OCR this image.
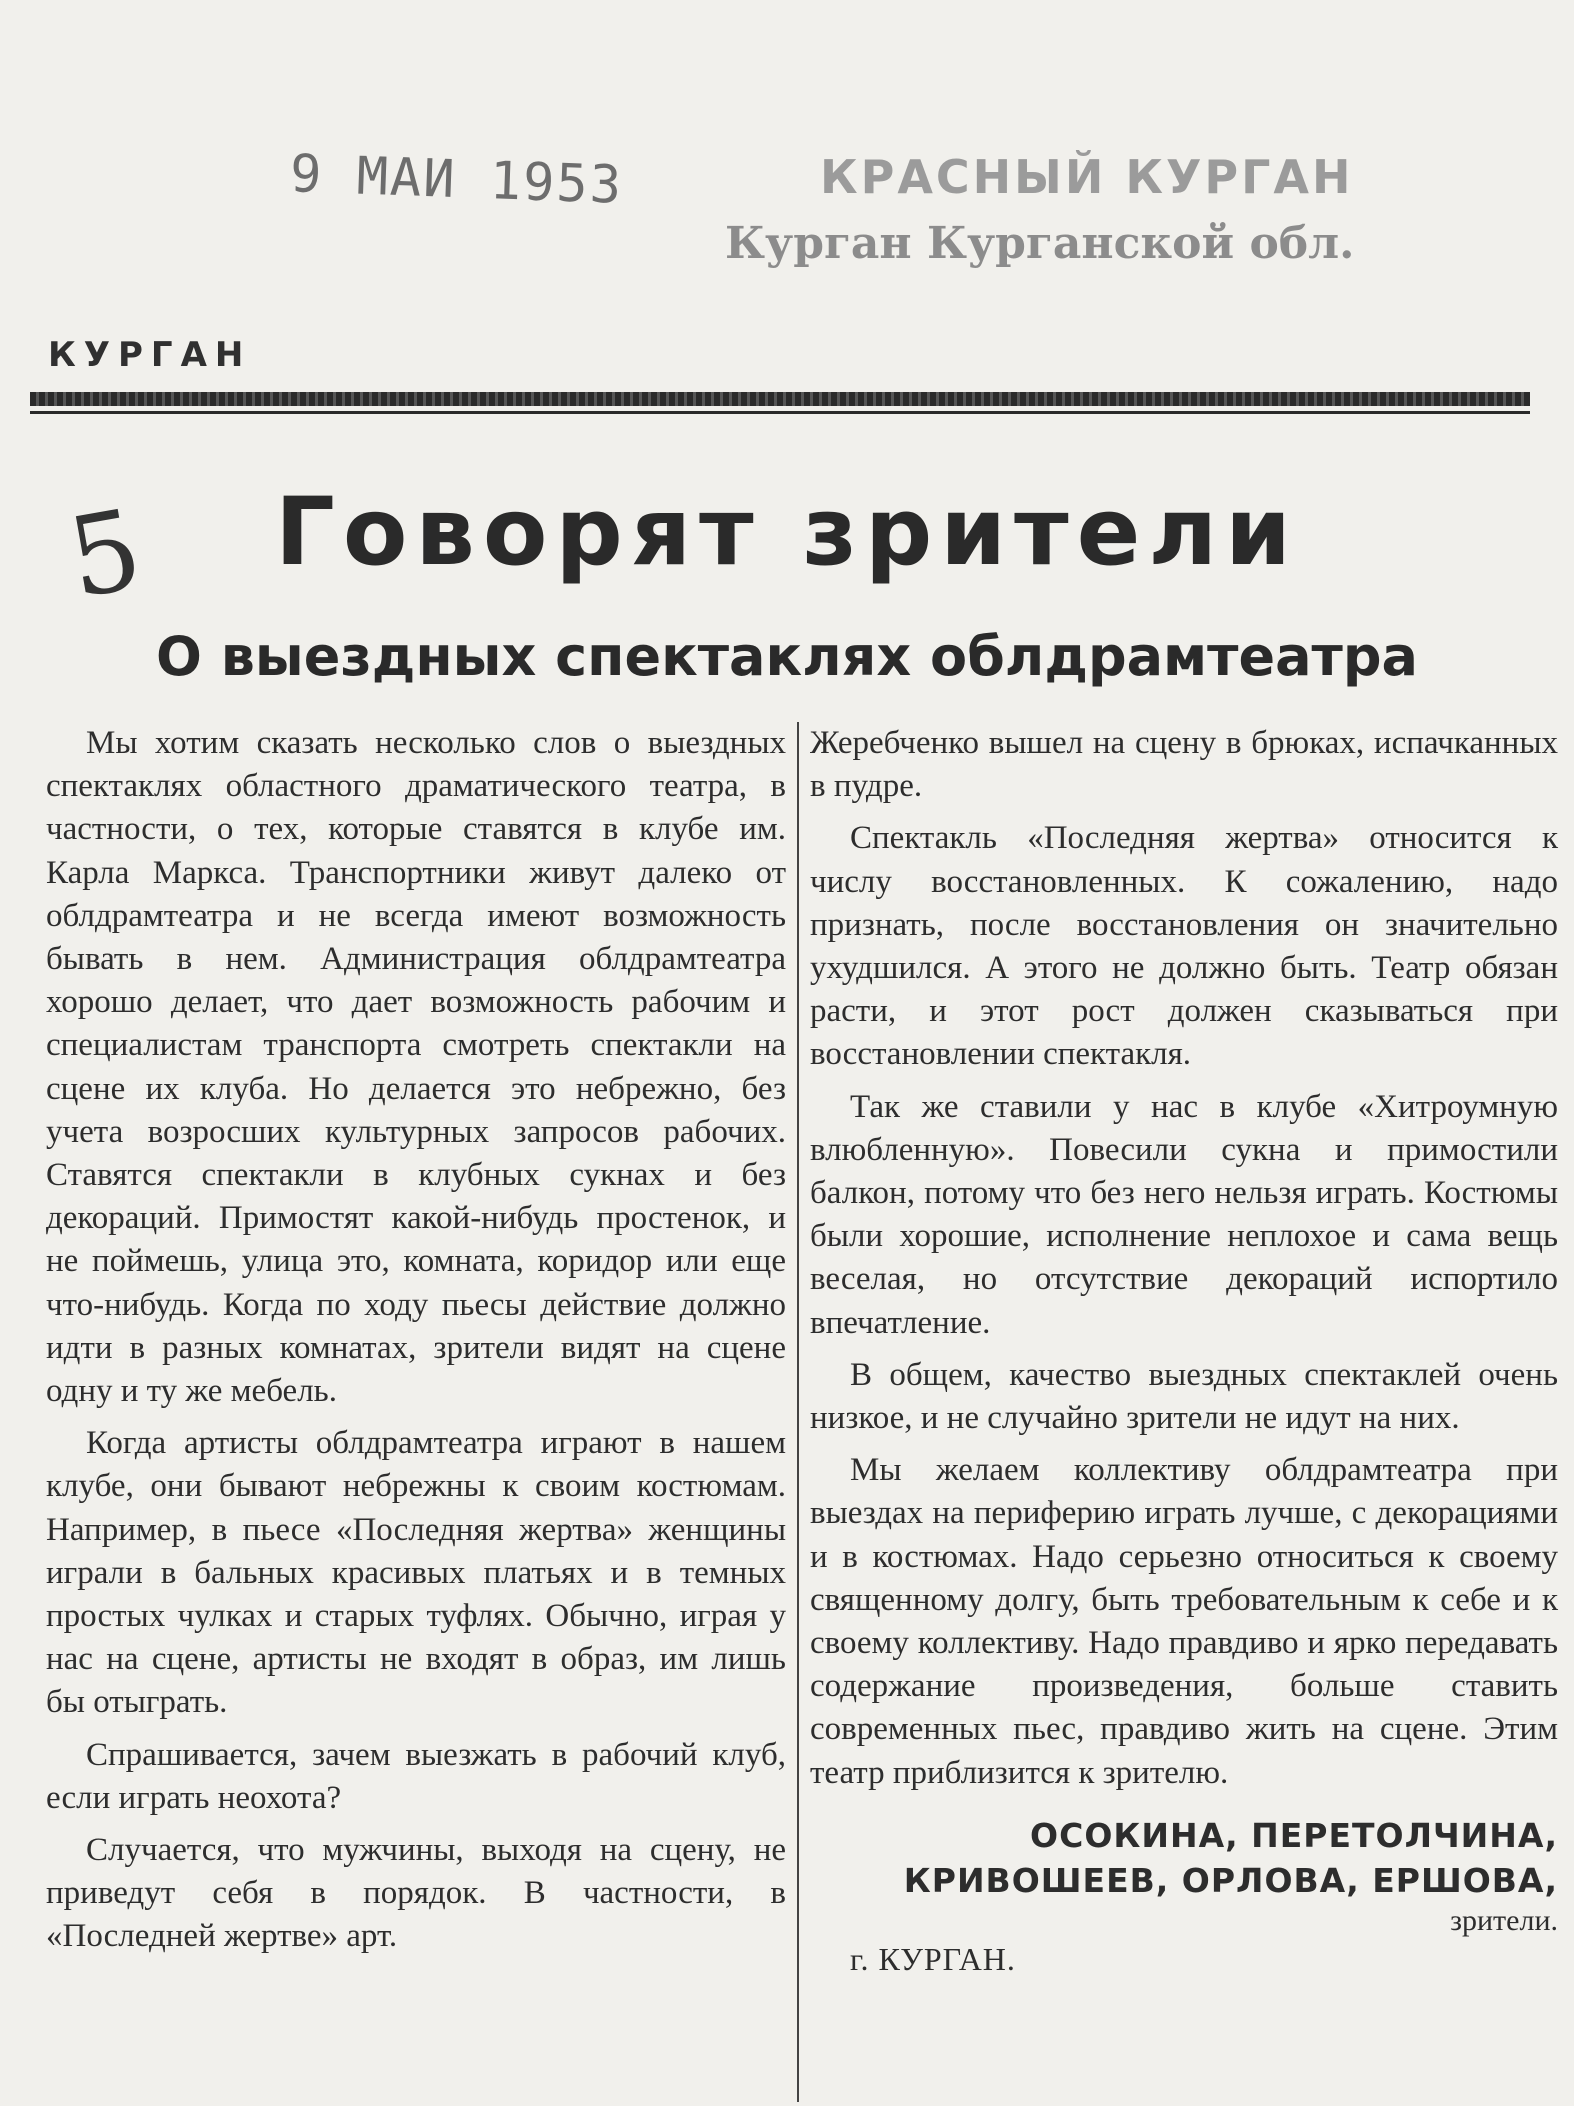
9 МАИ 1953	КРАСНЫЙ КУРГАН
Курган Курганской обл.
КУРГАН
5	Говорят зрители
О выездных спектаклях облдрамтеатра

Мы хотим сказать несколько слов о выездных спектаклях областного драматического театра, в частности, о тех, которые ставятся в клубе им. Карла Маркса. Транспортники живут далеко от облдрамтеатра и не всегда имеют возможность бывать в нем. Администрация облдрамтеатра хорошо делает, что дает возможность рабочим и специалистам транспорта смотреть спектакли на сцене их клуба. Но делается это небрежно, без учета возросших культурных запросов рабочих. Ставятся спектакли в клубных сукнах и без декораций. Примостят какой-нибудь простенок, и не поймешь, улица это, комната, коридор или еще что-нибудь. Когда по ходу пьесы действие должно идти в разных комнатах, зрители видят на сцене одну и ту же мебель.

Когда артисты облдрамтеатра играют в нашем клубе, они бывают небрежны к своим костюмам. Например, в пьесе «Последняя жертва» женщины играли в бальных красивых платьях и в темных простых чулках и старых туфлях. Обычно, играя у нас на сцене, артисты не входят в образ, им лишь бы отыграть.

Спрашивается, зачем выезжать в рабочий клуб, если играть неохота?

Случается, что мужчины, выходя на сцену, не приведут себя в порядок. В частности, в «Последней жертве» арт.

Жеребченко вышел на сцену в брюках, испачканных в пудре.

Спектакль «Последняя жертва» относится к числу восстановленных. К сожалению, надо признать, после восстановления он значительно ухудшился. А этого не должно быть. Театр обязан расти, и этот рост должен сказываться при восстановлении спектакля.

Так же ставили у нас в клубе «Хитроумную влюбленную». Повесили сукна и примостили балкон, потому что без него нельзя играть. Костюмы были хорошие, исполнение неплохое и сама вещь веселая, но отсутствие декораций испортило впечатление.

В общем, качество выездных спектаклей очень низкое, и не случайно зрители не идут на них.

Мы желаем коллективу облдрамтеатра при выездах на периферию играть лучше, с декорациями и в костюмах. Надо серьезно относиться к своему священному долгу, быть требовательным к себе и к своему коллективу. Надо правдиво и ярко передавать содержание произведения, больше ставить современных пьес, правдиво жить на сцене. Этим театр приблизится к зрителю.

ОСОКИНА, ПЕРЕТОЛЧИНА,
КРИВОШЕЕВ, ОРЛОВА, ЕРШОВА,
зрители.
г. КУРГАН.
